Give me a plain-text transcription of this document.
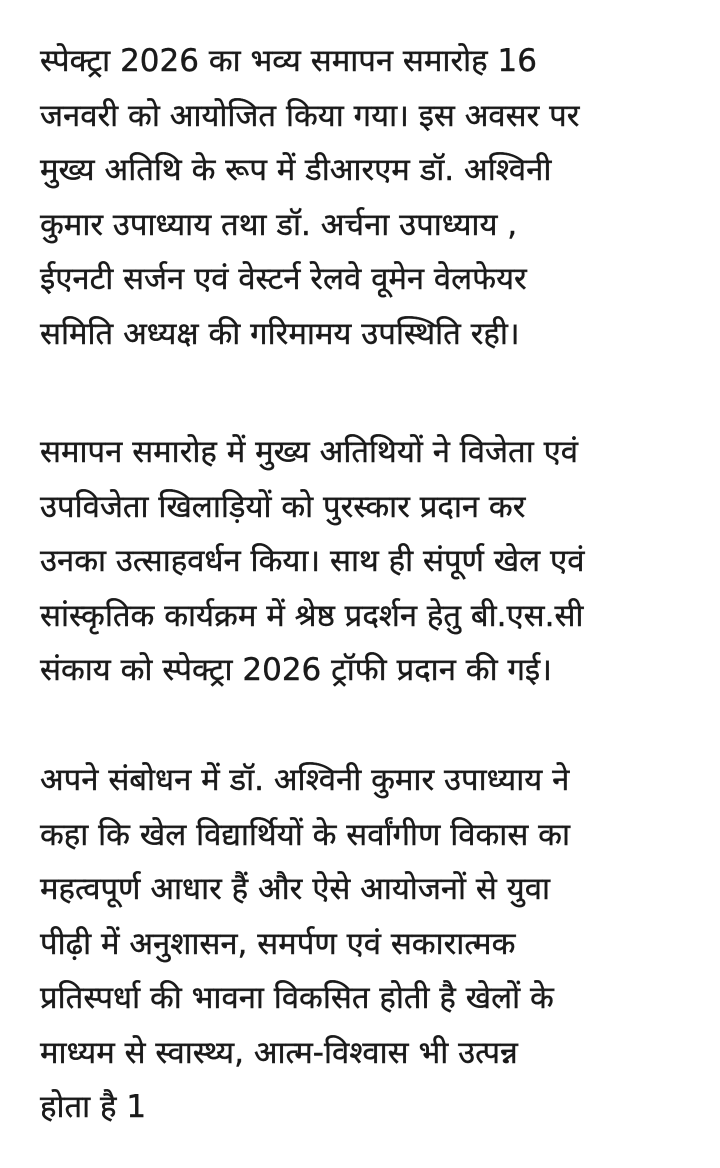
स्पेक्ट्रा 2026 का भव्य समापन समारोह 16
जनवरी को आयोजित किया गया। इस अवसर पर
मुख्य अतिथि के रूप में डीआरएम डॉ. अश्विनी
कुमार उपाध्याय तथा डॉ. अर्चना उपाध्याय ,
ईएनटी सर्जन एवं वेस्टर्न रेलवे वूमेन वेलफेयर
समिति अध्यक्ष की गरिमामय उपस्थिति रही।

समापन समारोह में मुख्य अतिथियों ने विजेता एवं
उपविजेता खिलाड़ियों को पुरस्कार प्रदान कर
उनका उत्साहवर्धन किया। साथ ही संपूर्ण खेल एवं
सांस्कृतिक कार्यक्रम में श्रेष्ठ प्रदर्शन हेतु बी.एस.सी
संकाय को स्पेक्ट्रा 2026 ट्रॉफी प्रदान की गई।

अपने संबोधन में डॉ. अश्विनी कुमार उपाध्याय ने
कहा कि खेल विद्यार्थियों के सर्वांगीण विकास का
महत्वपूर्ण आधार हैं और ऐसे आयोजनों से युवा
पीढ़ी में अनुशासन, समर्पण एवं सकारात्मक
प्रतिस्पर्धा की भावना विकसित होती है खेलों के
माध्यम से स्वास्थ्य, आत्म-विश्वास भी उत्पन्न
होता है 1
